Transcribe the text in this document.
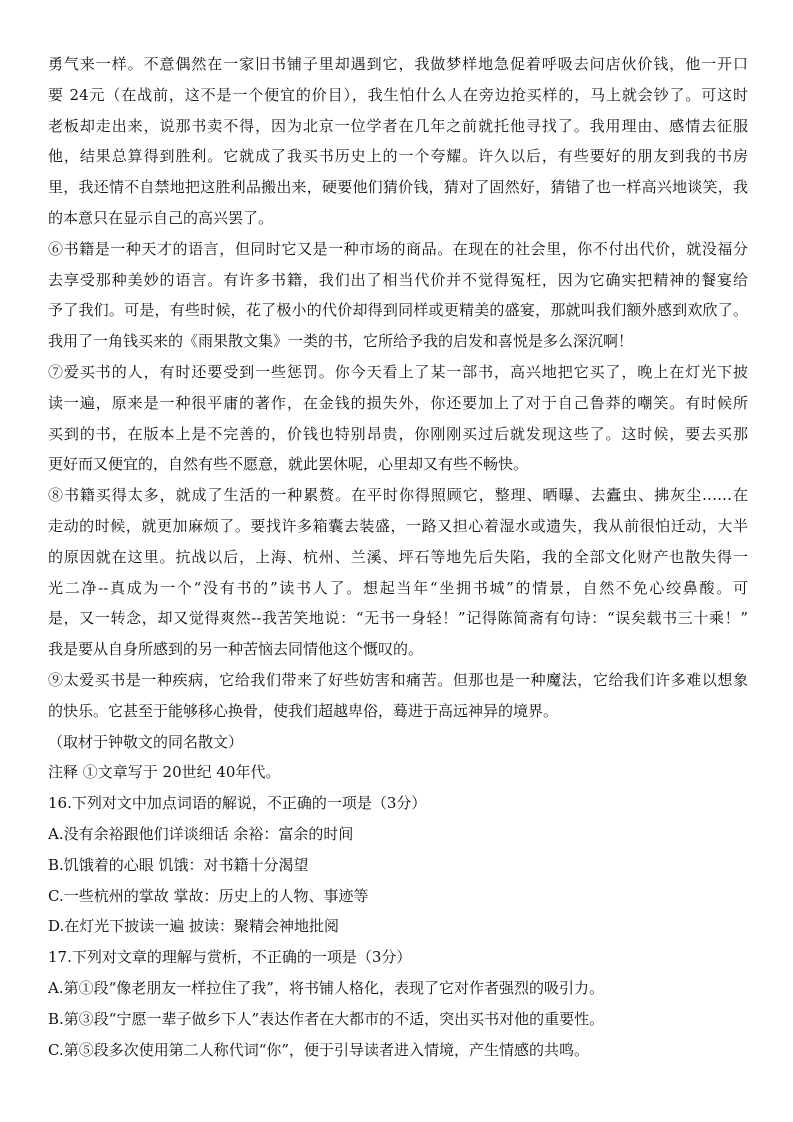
勇气来一样。不意偶然在一家旧书铺子里却遇到它，我做梦样地急促着呼吸去问店伙价钱，他一开口
要 24元（在战前，这不是一个便宜的价目），我生怕什么人在旁边抢买样的，马上就会钞了。可这时
老板却走出来，说那书卖不得，因为北京一位学者在几年之前就托他寻找了。我用理由、感情去征服
他，结果总算得到胜利。它就成了我买书历史上的一个夸耀。许久以后，有些要好的朋友到我的书房
里，我还情不自禁地把这胜利品搬出来，硬要他们猜价钱，猜对了固然好，猜错了也一样高兴地谈笑，我
的本意只在显示自己的高兴罢了。
⑥书籍是一种天才的语言，但同时它又是一种市场的商品。在现在的社会里，你不付出代价，就没福分
去享受那种美妙的语言。有许多书籍，我们出了相当代价并不觉得冤枉，因为它确实把精神的餐宴给
予了我们。可是，有些时候，花了极小的代价却得到同样或更精美的盛宴，那就叫我们额外感到欢欣了。
我用了一角钱买来的《雨果散文集》一类的书，它所给予我的启发和喜悦是多么深沉啊！
⑦爱买书的人，有时还要受到一些惩罚。你今天看上了某一部书，高兴地把它买了，晚上在灯光下披
读一遍，原来是一种很平庸的著作，在金钱的损失外，你还要加上了对于自己鲁莽的嘲笑。有时候所
买到的书，在版本上是不完善的，价钱也特别昂贵，你刚刚买过后就发现这些了。这时候，要去买那
更好而又便宜的，自然有些不愿意，就此罢休呢，心里却又有些不畅快。
⑧书籍买得太多，就成了生活的一种累赘。在平时你得照顾它，整理、晒曝、去蠹虫、拂灰尘……在
走动的时候，就更加麻烦了。要找许多箱囊去装盛，一路又担心着湿水或遗失，我从前很怕迁动，大半
的原因就在这里。抗战以后，上海、杭州、兰溪、坪石等地先后失陷，我的全部文化财产也散失得一
光二净--真成为一个“没有书的”读书人了。想起当年“坐拥书城”的情景，自然不免心绞鼻酸。可
是，又一转念，却又觉得爽然--我苦笑地说：“无书一身轻！”记得陈简斋有句诗：“误矣载书三十乘！”
我是要从自身所感到的另一种苦恼去同情他这个慨叹的。
⑨太爱买书是一种疾病，它给我们带来了好些妨害和痛苦。但那也是一种魔法，它给我们许多难以想象
的快乐。它甚至于能够移心换骨，使我们超越卑俗，蓦进于高远神异的境界。
（取材于钟敬文的同名散文）
注释 ①文章写于 20世纪 40年代。
16.下列对文中加点词语的解说，不正确的一项是（3分）
A.没有余裕跟他们详谈细话 余裕：富余的时间
B.饥饿着的心眼 饥饿：对书籍十分渴望
C.一些杭州的掌故 掌故：历史上的人物、事迹等
D.在灯光下披读一遍 披读：聚精会神地批阅
17.下列对文章的理解与赏析，不正确的一项是（3分）
A.第①段“像老朋友一样拉住了我”，将书铺人格化，表现了它对作者强烈的吸引力。
B.第③段“宁愿一辈子做乡下人”表达作者在大都市的不适，突出买书对他的重要性。
C.第⑤段多次使用第二人称代词“你”，便于引导读者进入情境，产生情感的共鸣。
